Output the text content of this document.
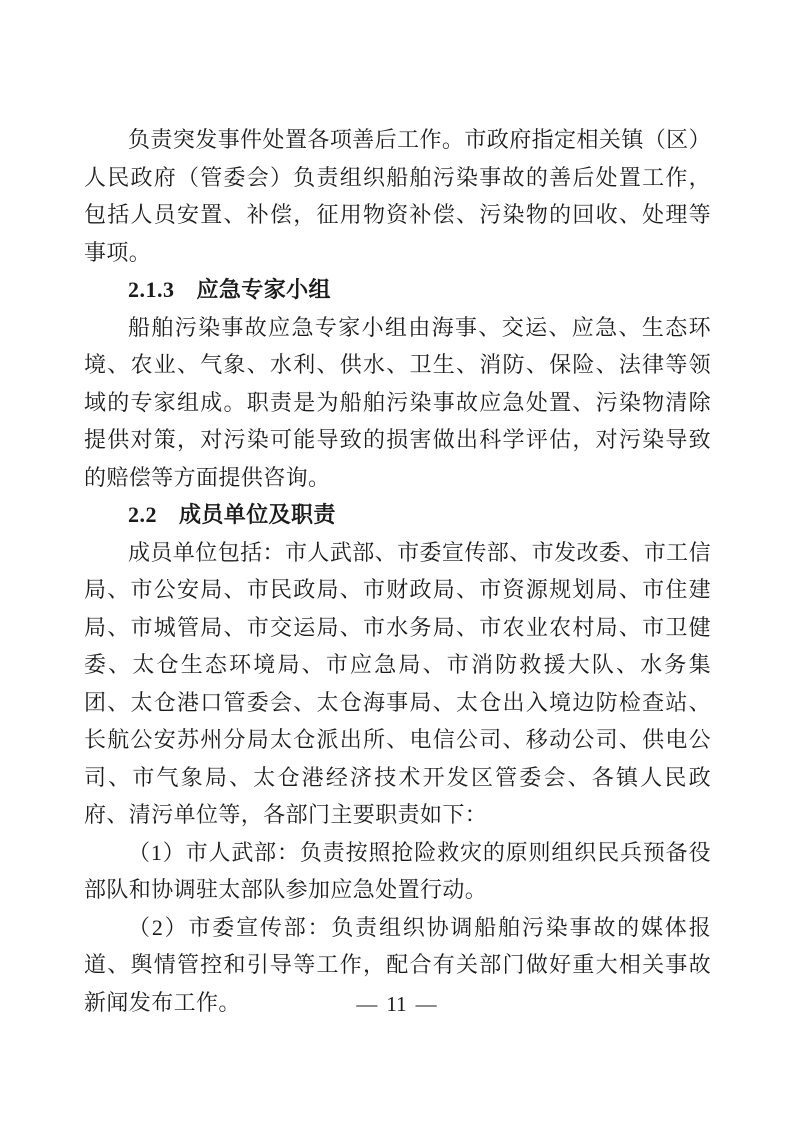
负责突发事件处置各项善后工作。市政府指定相关镇（区）人民政府（管委会）负责组织船舶污染事故的善后处置工作，包括人员安置、补偿，征用物资补偿、污染物的回收、处理等事项。

2.1.3 应急专家小组

船舶污染事故应急专家小组由海事、交运、应急、生态环境、农业、气象、水利、供水、卫生、消防、保险、法律等领域的专家组成。职责是为船舶污染事故应急处置、污染物清除提供对策，对污染可能导致的损害做出科学评估，对污染导致的赔偿等方面提供咨询。

2.2 成员单位及职责

成员单位包括：市人武部、市委宣传部、市发改委、市工信局、市公安局、市民政局、市财政局、市资源规划局、市住建局、市城管局、市交运局、市水务局、市农业农村局、市卫健委、太仓生态环境局、市应急局、市消防救援大队、水务集团、太仓港口管委会、太仓海事局、太仓出入境边防检查站、长航公安苏州分局太仓派出所、电信公司、移动公司、供电公司、市气象局、太仓港经济技术开发区管委会、各镇人民政府、清污单位等，各部门主要职责如下：

（1）市人武部：负责按照抢险救灾的原则组织民兵预备役部队和协调驻太部队参加应急处置行动。

（2）市委宣传部：负责组织协调船舶污染事故的媒体报道、舆情管控和引导等工作，配合有关部门做好重大相关事故新闻发布工作。	— 11 —
